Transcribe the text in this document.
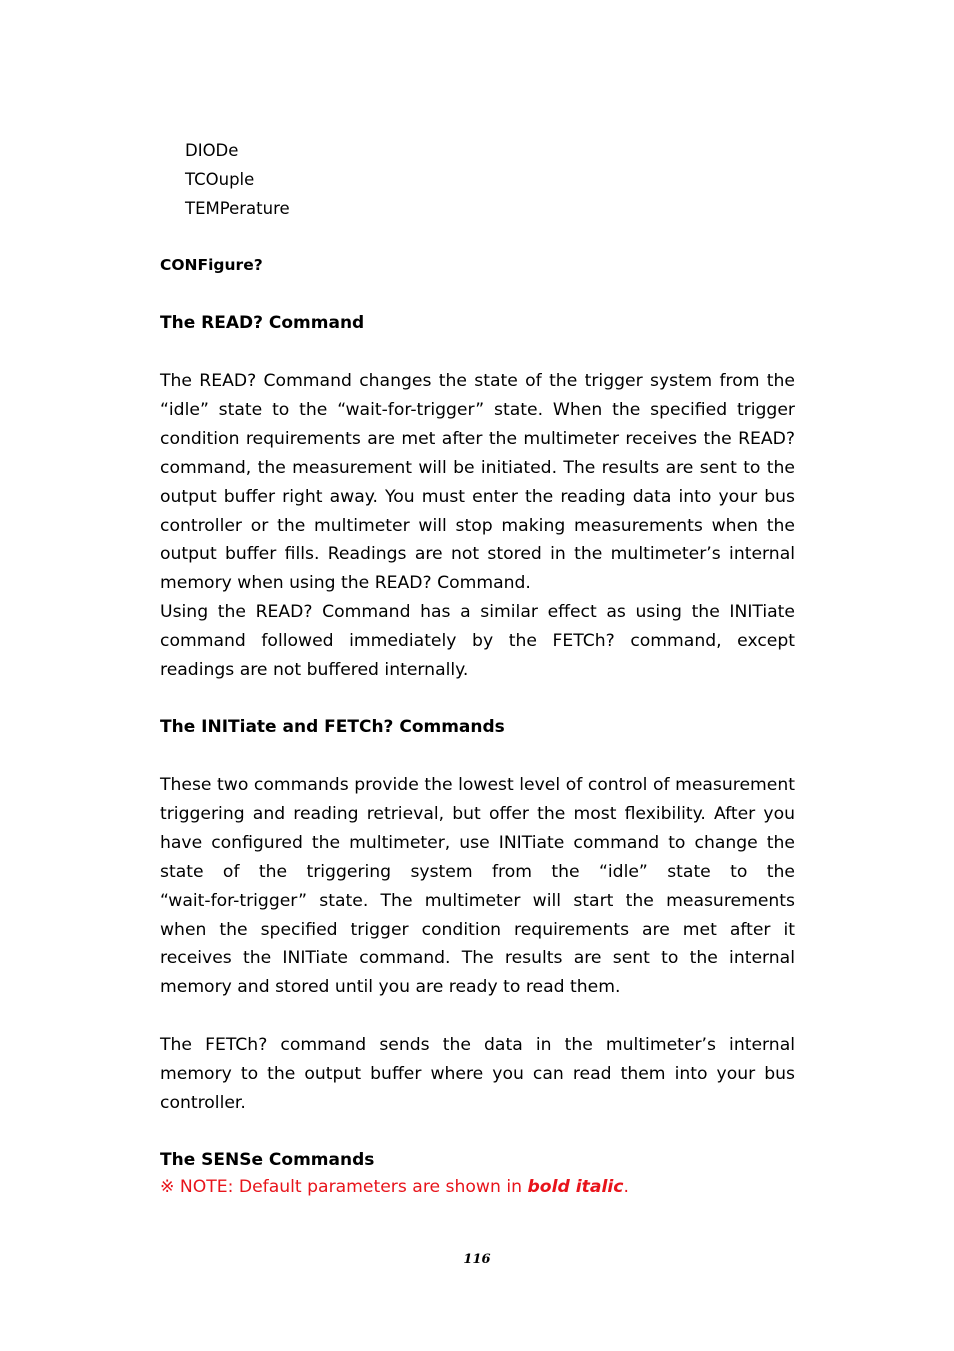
DIODe
TCOuple
TEMPerature
CONFigure?
The READ? Command
The READ? Command changes the state of the trigger system from the
“idle” state to the “wait-for-trigger” state. When the specified trigger
condition requirements are met after the multimeter receives the READ?
command, the measurement will be initiated. The results are sent to the
output buffer right away. You must enter the reading data into your bus
controller or the multimeter will stop making measurements when the
output buffer fills. Readings are not stored in the multimeter’s internal
memory when using the READ? Command.
Using the READ? Command has a similar effect as using the INITiate
command followed immediately by the FETCh? command, except
readings are not buffered internally.
The INITiate and FETCh? Commands
These two commands provide the lowest level of control of measurement
triggering and reading retrieval, but offer the most flexibility. After you
have configured the multimeter, use INITiate command to change the
state of the triggering system from the “idle” state to the
“wait-for-trigger” state. The multimeter will start the measurements
when the specified trigger condition requirements are met after it
receives the INITiate command. The results are sent to the internal
memory and stored until you are ready to read them.
The FETCh? command sends the data in the multimeter’s internal
memory to the output buffer where you can read them into your bus
controller.
The SENSe Commands
※ NOTE: Default parameters are shown in bold italic.
116
